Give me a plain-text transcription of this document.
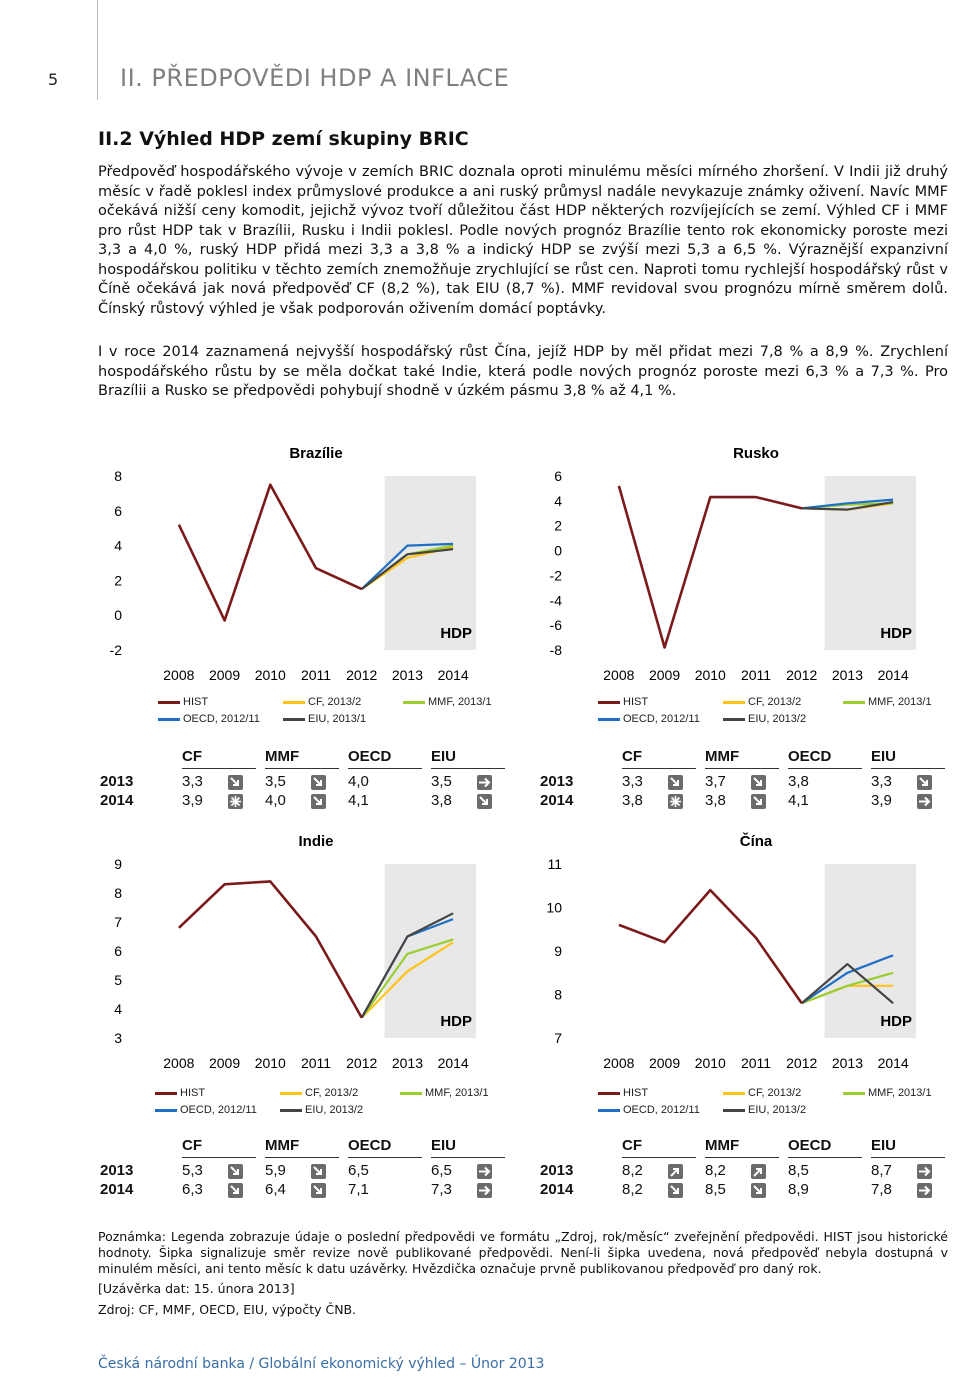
5	II. PŘEDPOVĚDI HDP A INFLACE
II.2 Výhled HDP zemí skupiny BRIC
Předpověď hospodářského vývoje v zemích BRIC doznala oproti minulému měsíci mírného zhoršení. V Indii již druhý měsíc v řadě poklesl index průmyslové produkce a ani ruský průmysl nadále nevykazuje známky oživení. Navíc MMF očekává nižší ceny komodit, jejichž vývoz tvoří důležitou část HDP některých rozvíjejících se zemí. Výhled CF i MMF pro růst HDP tak v Brazílii, Rusku i Indii poklesl. Podle nových prognóz Brazílie tento rok ekonomicky poroste mezi 3,3 a 4,0 %, ruský HDP přidá mezi 3,3 a 3,8 % a indický HDP se zvýší mezi 5,3 a 6,5 %. Výraznější expanzivní hospodářskou politiku v těchto zemích znemožňuje zrychlující se růst cen. Naproti tomu rychlejší hospodářský růst v Číně očekává jak nová předpověď CF (8,2 %), tak EIU (8,7 %). MMF revidoval svou prognózu mírně směrem dolů. Čínský růstový výhled je však podporován oživením domácí poptávky.
I v roce 2014 zaznamená nejvyšší hospodářský růst Čína, jejíž HDP by měl přidat mezi 7,8 % a 8,9 %. Zrychlení hospodářského růstu by se měla dočkat také Indie, která podle nových prognóz poroste mezi 6,3 % a 7,3 %. Pro Brazílii a Rusko se předpovědi pohybují shodně v úzkém pásmu 3,8 % až 4,1 %.
Brazílie
8
6
4
2
0
-2
2008 2009 2010 2011 2012 2013 2014
HDP
Rusko
6
4
2
0
-2
-4
-6
-8
2008 2009 2010 2011 2012 2013 2014
HDP
Indie
9
8
7
6
5
4
3
2008 2009 2010 2011 2012 2013 2014
HDP
Čína
11
10
9
8
7
2008 2009 2010 2011 2012 2013 2014
HDP
HIST	CF, 2013/2	MMF, 2013/1
OECD, 2012/11	EIU, 2013/1
HIST	CF, 2013/2	MMF, 2013/1
OECD, 2012/11	EIU, 2013/2
HIST	CF, 2013/2	MMF, 2013/1
OECD, 2012/11	EIU, 2013/2
HIST	CF, 2013/2	MMF, 2013/1
OECD, 2012/11	EIU, 2013/2
CF	MMF	OECD	EIU
2013	3,3	3,5	4,0	3,5
2014	3,9	4,0	4,1	3,8
CF	MMF	OECD	EIU
2013	3,3	3,7	3,8	3,3
2014	3,8	3,8	4,1	3,9
CF	MMF	OECD	EIU
2013	5,3	5,9	6,5	6,5
2014	6,3	6,4	7,1	7,3
CF	MMF	OECD	EIU
2013	8,2	8,2	8,5	8,7
2014	8,2	8,5	8,9	7,8
Poznámka: Legenda zobrazuje údaje o poslední předpovědi ve formátu „Zdroj, rok/měsíc“ zveřejnění předpovědi. HIST jsou historické hodnoty. Šipka signalizuje směr revize nově publikované předpovědi. Není-li šipka uvedena, nová předpověď nebyla dostupná v minulém měsíci, ani tento měsíc k datu uzávěrky. Hvězdička označuje prvně publikovanou předpověď pro daný rok.
[Uzávěrka dat: 15. února 2013]
Zdroj: CF, MMF, OECD, EIU, výpočty ČNB.
Česká národní banka / Globální ekonomický výhled – Únor 2013
